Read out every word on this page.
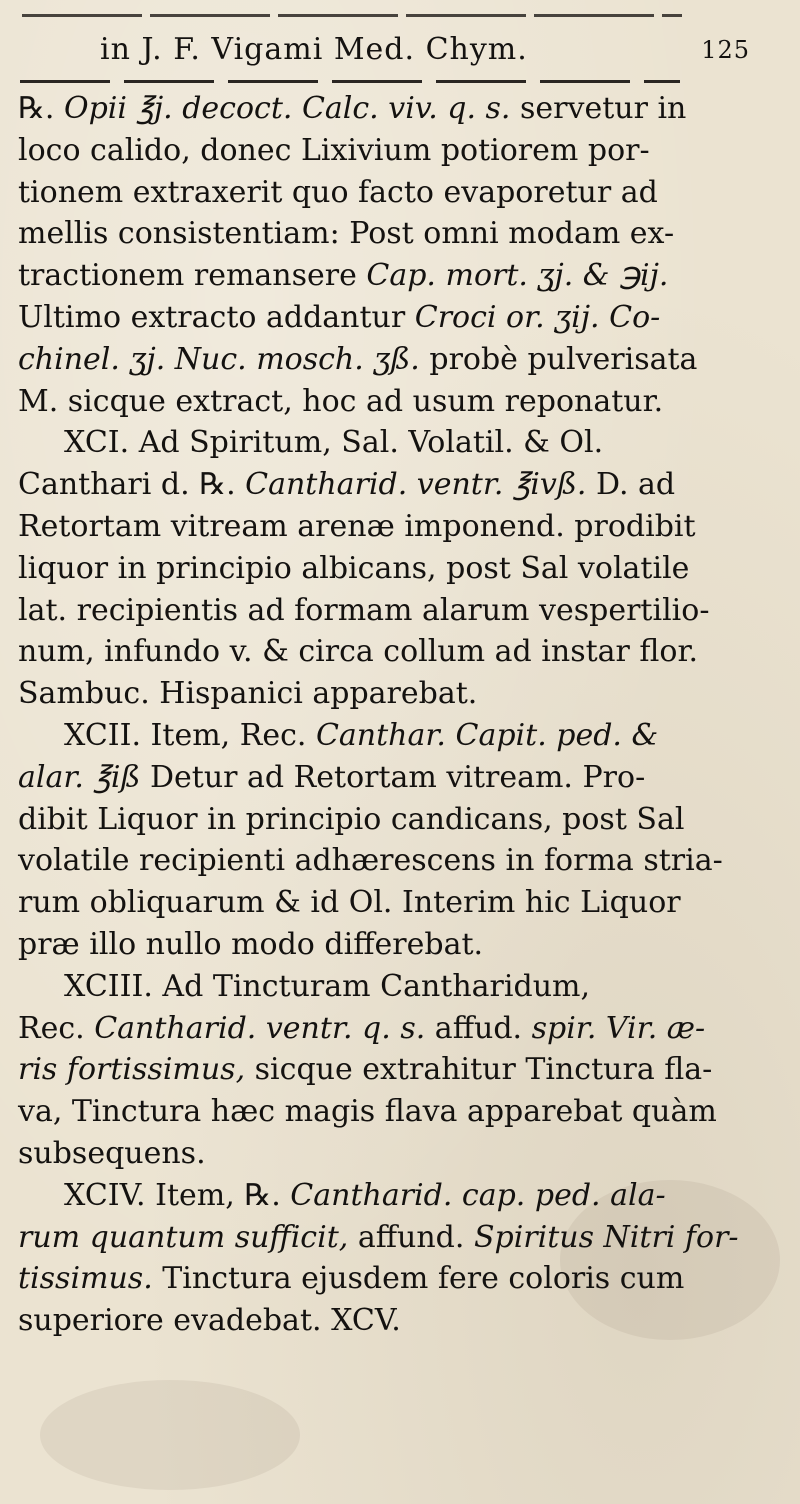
in J. F. Vigami Med. Chym.	125
℞. Opii ℥j. decoct. Calc. viv. q. s. servetur in
loco calido, donec Lixivium potiorem por-
tionem extraxerit quo facto evaporetur ad
mellis consistentiam: Post omni modam ex-
tractionem remansere Cap. mort. ʒj. & ℈ij.
Ultimo extracto addantur Croci or. ʒij. Co-
chinel. ʒj. Nuc. mosch. ʒß. probè pulverisata
M. sicque extract, hoc ad usum reponatur.
XCI. Ad Spiritum, Sal. Volatil. & Ol.
Canthari d. ℞. Cantharid. ventr. ℥ivß. D. ad
Retortam vitream arenæ imponend. prodibit
liquor in principio albicans, post Sal volatile
lat. recipientis ad formam alarum vespertilio-
num, infundo v. & circa collum ad instar flor.
Sambuc. Hispanici apparebat.
XCII. Item, Rec. Canthar. Capit. ped. &
alar. ℥iß Detur ad Retortam vitream. Pro-
dibit Liquor in principio candicans, post Sal
volatile recipienti adhærescens in forma stria-
rum obliquarum & id Ol. Interim hic Liquor
præ illo nullo modo differebat.
XCIII. Ad Tincturam Cantharidum,
Rec. Cantharid. ventr. q. s. affud. spir. Vir. æ-
ris fortissimus, sicque extrahitur Tinctura fla-
va, Tinctura hæc magis flava apparebat quàm
subsequens.
XCIV. Item, ℞. Cantharid. cap. ped. ala-
rum quantum sufficit, affund. Spiritus Nitri for-
tissimus. Tinctura ejusdem fere coloris cum
superiore evadebat. XCV.
